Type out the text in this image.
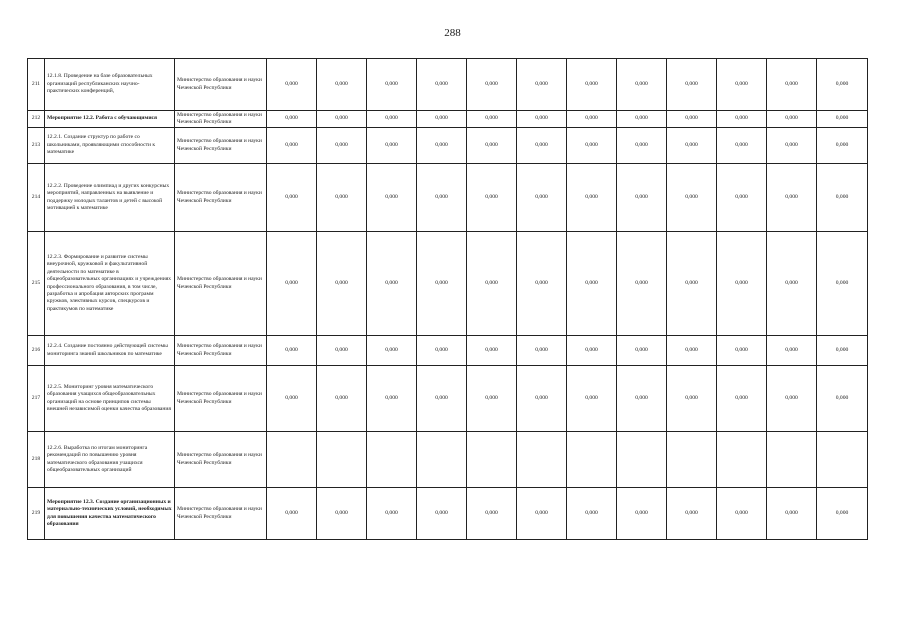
288
211	12.1.8. Проведение на базе образовательных организаций республиканских научно-практических конференций,	Министерство образования и науки Чеченской Республики	0,000	0,000	0,000	0,000	0,000	0,000	0,000	0,000	0,000	0,000	0,000	0,000
212	Мероприятие 12.2. Работа с обучающимися	Министерство образования и науки Чеченской Республики	0,000	0,000	0,000	0,000	0,000	0,000	0,000	0,000	0,000	0,000	0,000	0,000
213	12.2.1. Создание структур по работе со школьниками, проявляющими способности к математике	Министерство образования и науки Чеченской Республики	0,000	0,000	0,000	0,000	0,000	0,000	0,000	0,000	0,000	0,000	0,000	0,000
214	12.2.2. Проведение олимпиад и других конкурсных мероприятий, направленных на выявление и поддержку молодых талантов и детей с высокой мотивацией к математике	Министерство образования и науки Чеченской Республики	0,000	0,000	0,000	0,000	0,000	0,000	0,000	0,000	0,000	0,000	0,000	0,000
215	12.2.3. Формирование и развитие системы внеурочной, кружковой и факультативной деятельности по математике в общеобразовательных организациях и учреждениях профессионального образования, в том числе, разработка и апробация авторских программ кружков, элективных курсов, спецкурсов и практикумов по математике	Министерство образования и науки Чеченской Республики	0,000	0,000	0,000	0,000	0,000	0,000	0,000	0,000	0,000	0,000	0,000	0,000
216	12.2.4. Создание постоянно действующей системы мониторинга знаний школьников по математике	Министерство образования и науки Чеченской Республики	0,000	0,000	0,000	0,000	0,000	0,000	0,000	0,000	0,000	0,000	0,000	0,000
217	12.2.5. Мониторинг уровня математического образования учащихся общеобразовательных организаций на основе принципов системы внешней независимой оценки качества образования	Министерство образования и науки Чеченской Республики	0,000	0,000	0,000	0,000	0,000	0,000	0,000	0,000	0,000	0,000	0,000	0,000
218	12.2.6. Выработка по итогам мониторинга рекомендаций по повышению уровня математического образования учащихся общеобразовательных организаций	Министерство образования и науки Чеченской Республики												
219	Мероприятие 12.3. Создание организационных и материально-технических условий, необходимых для повышения качества математического образования	Министерство образования и науки Чеченской Республики	0,000	0,000	0,000	0,000	0,000	0,000	0,000	0,000	0,000	0,000	0,000	0,000
